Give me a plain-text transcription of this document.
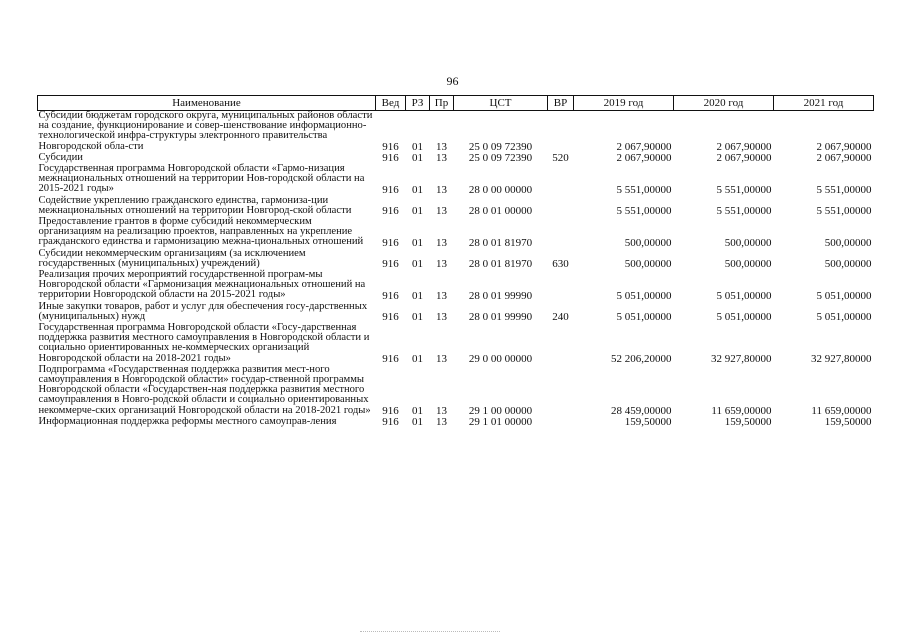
96
Наименование	Вед	РЗ	Пр	ЦСТ	ВР	2019 год	2020 год	2021 год
Субсидии бюджетам городского округа, муниципальных районов области на создание, функционирование и совер-шенствование информационно-технологической инфра-структуры электронного правительства Новгородской обла-сти	916	01	13	25 0 09 72390		2 067,90000	2 067,90000	2 067,90000
Субсидии	916	01	13	25 0 09 72390	520	2 067,90000	2 067,90000	2 067,90000
Государственная программа Новгородской области «Гармо-низация межнациональных отношений на территории Нов-городской области на 2015-2021 годы»	916	01	13	28 0 00 00000		5 551,00000	5 551,00000	5 551,00000
Содействие укреплению гражданского единства, гармониза-ции межнациональных отношений на территории Новгород-ской области	916	01	13	28 0 01 00000		5 551,00000	5 551,00000	5 551,00000
Предоставление грантов в форме субсидий некоммерческим организациям на реализацию проектов, направленных на укрепление гражданского единства и гармонизацию межна-циональных отношений	916	01	13	28 0 01 81970		500,00000	500,00000	500,00000
Субсидии некоммерческим организациям (за исключением государственных (муниципальных) учреждений)	916	01	13	28 0 01 81970	630	500,00000	500,00000	500,00000
Реализация прочих мероприятий государственной програм-мы Новгородской области «Гармонизация межнациональных отношений на территории Новгородской области на 2015-2021 годы»	916	01	13	28 0 01 99990		5 051,00000	5 051,00000	5 051,00000
Иные закупки товаров, работ и услуг для обеспечения госу-дарственных (муниципальных) нужд	916	01	13	28 0 01 99990	240	5 051,00000	5 051,00000	5 051,00000
Государственная программа Новгородской области «Госу-дарственная поддержка развития местного самоуправления в Новгородской области и социально ориентированных не-коммерческих организаций Новгородской области на 2018-2021 годы»	916	01	13	29 0 00 00000		52 206,20000	32 927,80000	32 927,80000
Подпрограмма «Государственная поддержка развития мест-ного самоуправления в Новгородской области» государ-ственной программы Новгородской области «Государствен-ная поддержка развития местного самоуправления в Новго-родской области и социально ориентированных некоммерче-ских организаций Новгородской области на 2018-2021 годы»	916	01	13	29 1 00 00000		28 459,00000	11 659,00000	11 659,00000
Информационная поддержка реформы местного самоуправ-ления	916	01	13	29 1 01 00000		159,50000	159,50000	159,50000
